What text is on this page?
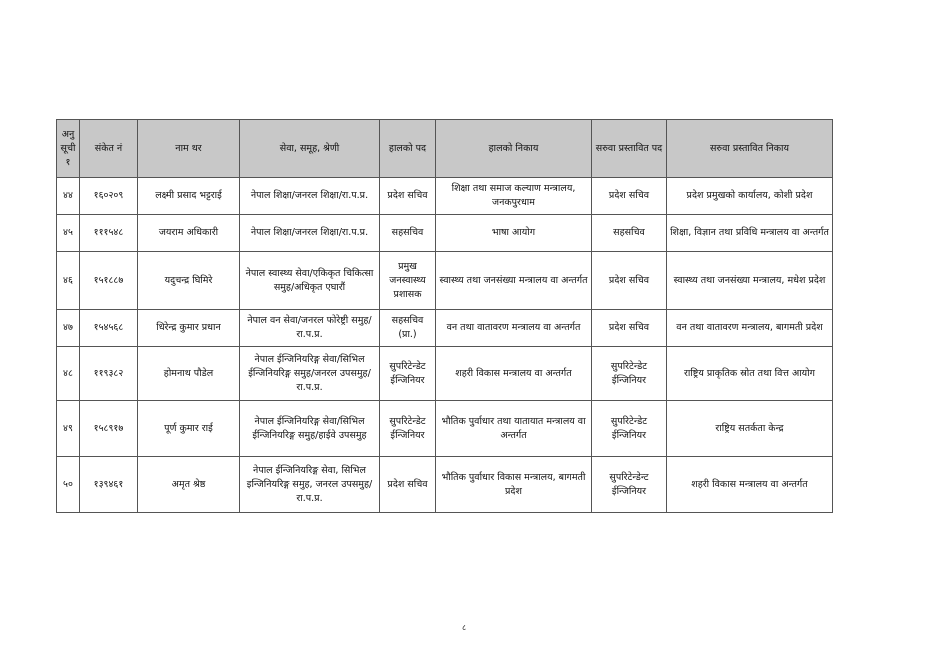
अनु सूची १	संकेत नं	नाम थर	सेवा, समूह, श्रेणी	हालको पद	हालको निकाय	सरुवा प्रस्तावित पद	सरुवा प्रस्तावित निकाय
४४	१६०२०९	लक्ष्मी प्रसाद भट्टराई	नेपाल शिक्षा/जनरल शिक्षा/रा.प.प्र.	प्रदेश सचिव	शिक्षा तथा समाज कल्याण मन्त्रालय, जनकपुरधाम	प्रदेश सचिव	प्रदेश प्रमुखको कार्यालय, कोशी प्रदेश
४५	१११५४८	जयराम अधिकारी	नेपाल शिक्षा/जनरल शिक्षा/रा.प.प्र.	सहसचिव	भाषा आयोग	सहसचिव	शिक्षा, विज्ञान तथा प्रविधि मन्त्रालय वा अन्तर्गत
४६	१५१८८७	यदुचन्द्र घिमिरे	नेपाल स्वास्थ्य सेवा/एकिकृत चिकित्सा समुह/अधिकृत एघारौं	प्रमुख जनस्वास्थ्य प्रशासक	स्वास्थ्य तथा जनसंख्या मन्त्रालय वा अन्तर्गत	प्रदेश सचिव	स्वास्थ्य तथा जनसंख्या मन्त्रालय, मधेश प्रदेश
४७	१५४५६८	धिरेन्द्र कुमार प्रधान	नेपाल वन सेवा/जनरल फोरेष्ट्री समुह/रा.प.प्र.	सहसचिव (प्रा.)	वन तथा वातावरण मन्त्रालय वा अन्तर्गत	प्रदेश सचिव	वन तथा वातावरण मन्त्रालय, बागमती प्रदेश
४८	११९३८२	होमनाथ पौडेल	नेपाल ईन्जिनियरिङ्ग सेवा/सिभिल ईन्जिनियरिङ्ग समुह/जनरल उपसमुह/रा.प.प्र.	सुपरिटेन्डेट ईन्जिनियर	शहरी विकास मन्त्रालय वा अन्तर्गत	सुपरिटेन्डेट ईन्जिनियर	राष्ट्रिय प्राकृतिक स्रोत तथा वित्त आयोग
४९	१५८९१७	पूर्ण कुमार राई	नेपाल ईन्जिनियरिङ्ग सेवा/सिभिल ईन्जिनियरिङ्ग समुह/हाईवे उपसमुह	सुपरिटेन्डेट ईन्जिनियर	भौतिक पुर्वाधार तथा यातायात मन्त्रालय वा अन्तर्गत	सुपरिटेन्डेट ईन्जिनियर	राष्ट्रिय सतर्कता केन्द्र
५०	१३९४६१	अमृत श्रेष्ठ	नेपाल ईन्जिनियरिङ्ग सेवा, सिभिल इन्जिनियरिङ्ग समुह, जनरल उपसमुह/रा.प.प्र.	प्रदेश सचिव	भौतिक पुर्वाधार विकास मन्त्रालय, बागमती प्रदेश	सुपरिटेन्डेन्ट ईन्जिनियर	शहरी विकास मन्त्रालय वा अन्तर्गत
८
